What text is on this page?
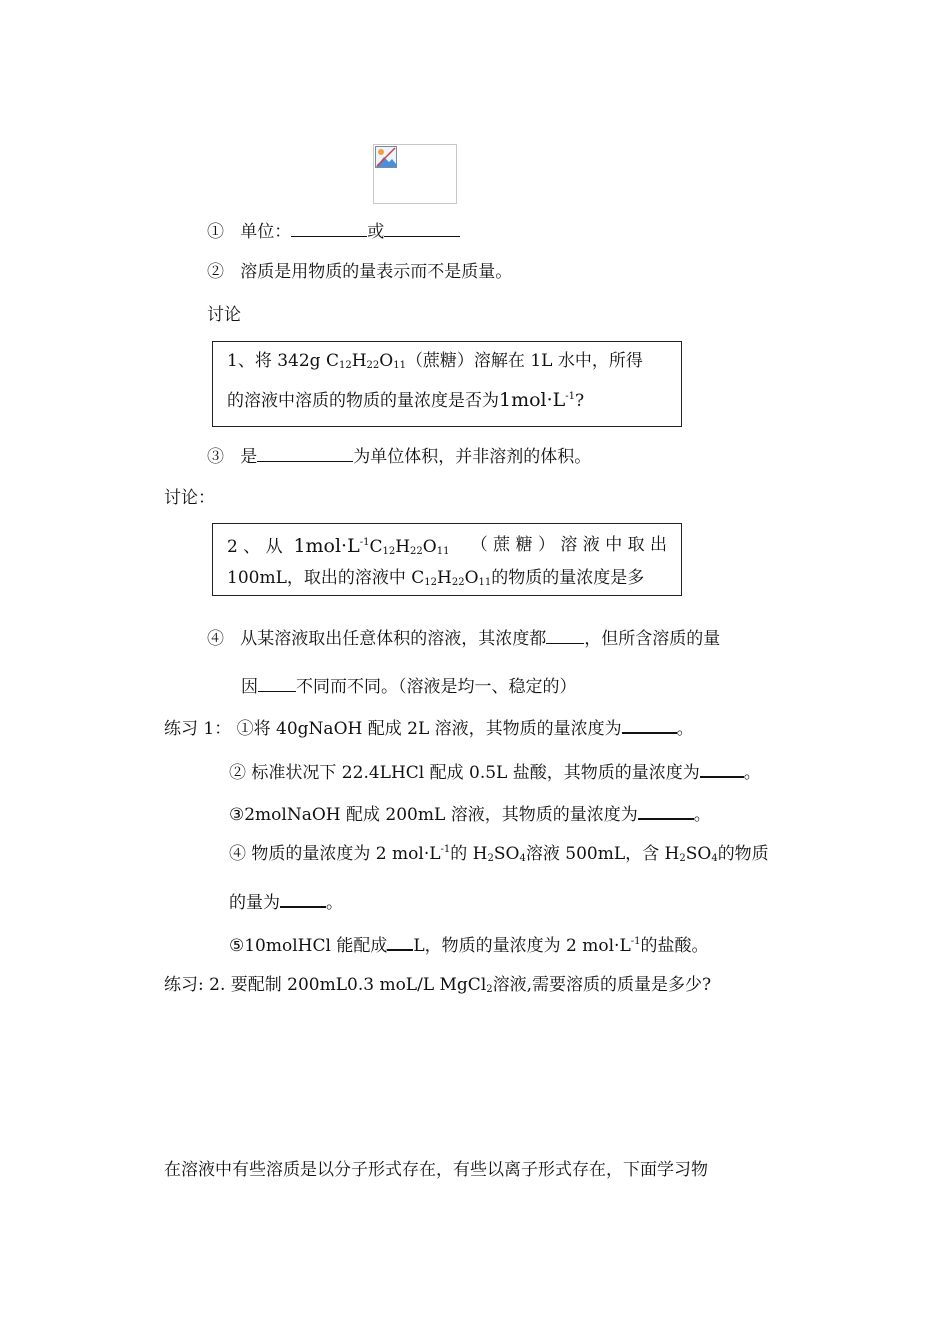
① 单位：	或
② 溶质是用物质的量表示而不是质量。
讨论
1、将 342g $C_{12}H_{22}O_{11}$（蔗糖）溶解在 1L 水中，所得
的溶液中溶质的物质的量浓度是否为$1mol\cdot L^{-1}$?
③ 是	为单位体积，并非溶剂的体积。
讨论：
2 、 从 $1mol\cdot L^{-1}C_{12}H_{22}O_{11}$ （ 蔗 糖 ） 溶 液 中 取 出
100mL，取出的溶液中 $C_{12}H_{22}O_{11}$的物质的量浓度是多
④ 从某溶液取出任意体积的溶液，其浓度都 ，但所含溶质的量
因 不同而不同。（溶液是均一、稳定的）
练习 1： ①将 40gNaOH 配成 2L 溶液，其物质的量浓度为	。
② 标准状况下 22.4LHCl 配成 0.5L 盐酸，其物质的量浓度为	。
③2molNaOH 配成 200mL 溶液，其物质的量浓度为	。
④ 物质的量浓度为 2 $mol\cdot L^{-1}$的 $H_2SO_4$溶液 500mL，含 $H_2SO_4$的物质
的量为	。
⑤10molHCl 能配成 L，物质的量浓度为 2 $mol\cdot L^{-1}$的盐酸。
练习: 2. 要配制 200mL0.3 moL/L MgCl$_2$溶液,需要溶质的质量是多少?
在溶液中有些溶质是以分子形式存在，有些以离子形式存在，下面学习物
